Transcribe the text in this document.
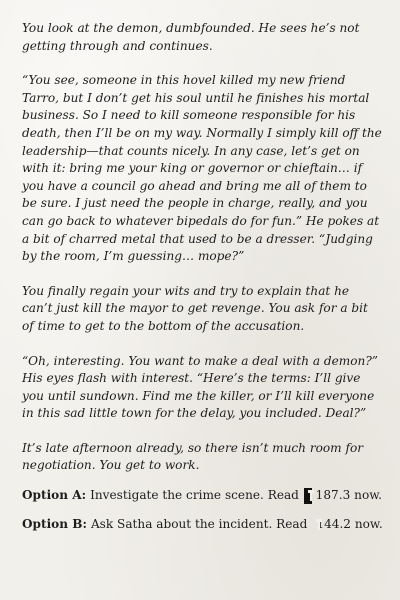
You look at the demon, dumbfounded. He sees he’s not getting through and continues.

“You see, someone in this hovel killed my new friend Tarro, but I don’t get his soul until he finishes his mortal business. So I need to kill someone responsible for his death, then I’ll be on my way. Normally I simply kill off the leadership—that counts nicely. In any case, let’s get on with it: bring me your king or governor or chieftain… if you have a council go ahead and bring me all of them to be sure. I just need the people in charge, really, and you can go back to whatever bipedals do for fun.” He pokes at a bit of charred metal that used to be a dresser. “Judging by the room, I’m guessing… mope?”

You finally regain your wits and try to explain that he can’t just kill the mayor to get revenge. You ask for a bit of time to get to the bottom of the accusation.

“Oh, interesting. You want to make a deal with a demon?” His eyes flash with interest. “Here’s the terms: I’ll give you until sundown. Find me the killer, or I’ll kill everyone in this sad little town for the delay, you included. Deal?”

It’s late afternoon already, so there isn’t much room for negotiation. You get to work.

Option A: Investigate the crime scene. Read 187.3
now.
Option B: Ask Satha about the incident. Read 144.2
now.
